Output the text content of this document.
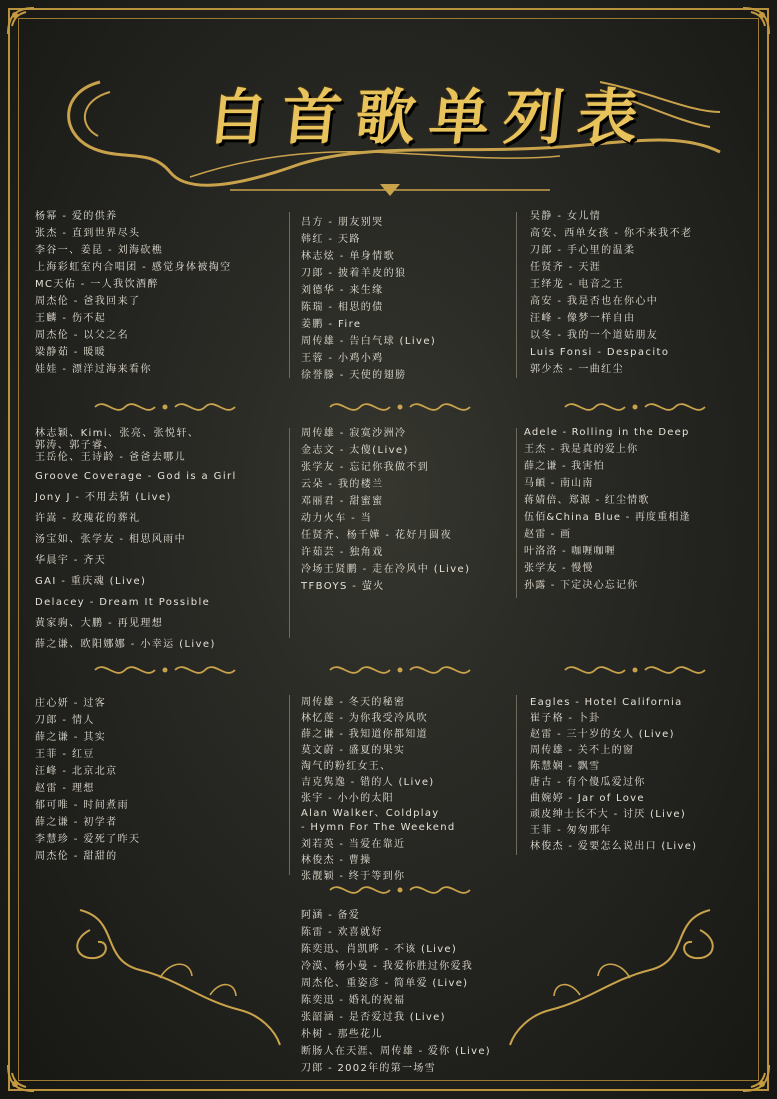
自首歌单列表
杨幂 - 爱的供养
张杰 - 直到世界尽头
李谷一、姜昆 - 刘海砍樵
上海彩虹室内合唱团 - 感觉身体被掏空
MC天佑 - 一人我饮酒醉
周杰伦 - 爸我回来了
王麟 - 伤不起
周杰伦 - 以父之名
梁静茹 - 暖暖
娃娃 - 漂洋过海来看你
吕方 - 朋友别哭
韩红 - 天路
林志炫 - 单身情歌
刀郎 - 披着羊皮的狼
刘德华 - 来生缘
陈瑞 - 相思的债
姜鹏 - Fire
周传雄 - 告白气球 (Live)
王蓉 - 小鸡小鸡
徐誉滕 - 天使的翅膀
吴静 - 女儿情
高安、西单女孩 - 你不来我不老
刀郎 - 手心里的温柔
任贤齐 - 天涯
王绎龙 - 电音之王
高安 - 我是否也在你心中
汪峰 - 像梦一样自由
以冬 - 我的一个道姑朋友
Luis Fonsi - Despacito
郭少杰 - 一曲红尘
林志颖、Kimi、张亮、张悦轩、
郭涛、郭子睿、
王岳伦、王诗龄 - 爸爸去哪儿
Groove Coverage - God is a Girl
Jony J - 不用去猜 (Live)
许嵩 - 玫瑰花的葬礼
汤宝如、张学友 - 相思风雨中
华晨宇 - 齐天
GAI - 重庆魂 (Live)
Delacey - Dream It Possible
黄家驹、大鹏 - 再见理想
薛之谦、欧阳娜娜 - 小幸运 (Live)
周传雄 - 寂寞沙洲冷
金志文 - 太傻(Live)
张学友 - 忘记你我做不到
云朵 - 我的楼兰
邓丽君 - 甜蜜蜜
动力火车 - 当
任贤齐、杨千嬅 - 花好月圆夜
许茹芸 - 独角戏
冷场王贤鹏 - 走在冷风中 (Live)
TFBOYS - 萤火
Adele - Rolling in the Deep
王杰 - 我是真的爱上你
薛之谦 - 我害怕
马頔 - 南山南
蒋婧倍、郑源 - 红尘情歌
伍佰&China Blue - 再度重相逢
赵雷 - 画
叶洛洛 - 咖喱咖喱
张学友 - 慢慢
孙露 - 下定决心忘记你
庄心妍 - 过客
刀郎 - 情人
薛之谦 - 其实
王菲 - 红豆
汪峰 - 北京北京
赵雷 - 理想
郁可唯 - 时间煮雨
薛之谦 - 初学者
李慧珍 - 爱死了昨天
周杰伦 - 甜甜的
周传雄 - 冬天的秘密
林忆莲 - 为你我受冷风吹
薛之谦 - 我知道你都知道
莫文蔚 - 盛夏的果实
淘气的粉红女王、
吉克隽逸 - 错的人 (Live)
张宇 - 小小的太阳
Alan Walker、Coldplay
- Hymn For The Weekend
刘若英 - 当爱在靠近
林俊杰 - 曹操
张靓颖 - 终于等到你
Eagles - Hotel California
崔子格 - 卜卦
赵雷 - 三十岁的女人 (Live)
周传雄 - 关不上的窗
陈慧娴 - 飘雪
唐古 - 有个傻瓜爱过你
曲婉婷 - Jar of Love
顽皮绅士长不大 - 讨厌 (Live)
王菲 - 匆匆那年
林俊杰 - 爱要怎么说出口 (Live)
阿涵 - 备爱
陈雷 - 欢喜就好
陈奕迅、肖凯晔 - 不该 (Live)
冷漠、杨小曼 - 我爱你胜过你爱我
周杰伦、重姿彦 - 简单爱 (Live)
陈奕迅 - 婚礼的祝福
张韶涵 - 是否爱过我 (Live)
朴树 - 那些花儿
断肠人在天涯、周传雄 - 爱你 (Live)
刀郎 - 2002年的第一场雪
